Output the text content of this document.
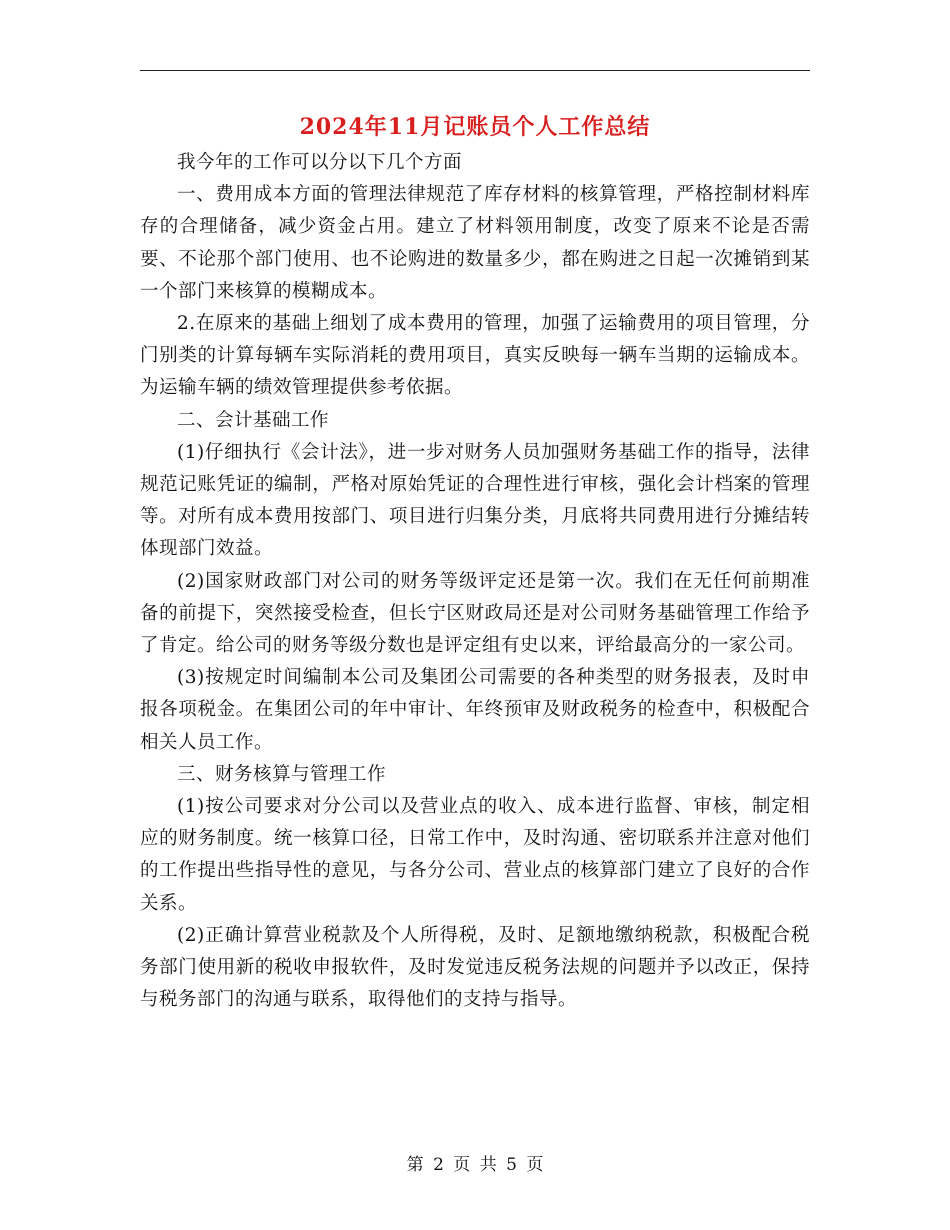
2024年11月记账员个人工作总结

我今年的工作可以分以下几个方面

一、费用成本方面的管理法律规范了库存材料的核算管理，严格控制材料库存的合理储备，减少资金占用。建立了材料领用制度，改变了原来不论是否需要、不论那个部门使用、也不论购进的数量多少，都在购进之日起一次摊销到某一个部门来核算的模糊成本。

2.在原来的基础上细划了成本费用的管理，加强了运输费用的项目管理，分门别类的计算每辆车实际消耗的费用项目，真实反映每一辆车当期的运输成本。为运输车辆的绩效管理提供参考依据。

二、会计基础工作

(1)仔细执行《会计法》，进一步对财务人员加强财务基础工作的指导，法律规范记账凭证的编制，严格对原始凭证的合理性进行审核，强化会计档案的管理等。对所有成本费用按部门、项目进行归集分类，月底将共同费用进行分摊结转体现部门效益。

(2)国家财政部门对公司的财务等级评定还是第一次。我们在无任何前期准备的前提下，突然接受检查，但长宁区财政局还是对公司财务基础管理工作给予了肯定。给公司的财务等级分数也是评定组有史以来，评给最高分的一家公司。

(3)按规定时间编制本公司及集团公司需要的各种类型的财务报表，及时申报各项税金。在集团公司的年中审计、年终预审及财政税务的检查中，积极配合相关人员工作。

三、财务核算与管理工作

(1)按公司要求对分公司以及营业点的收入、成本进行监督、审核，制定相应的财务制度。统一核算口径，日常工作中，及时沟通、密切联系并注意对他们的工作提出些指导性的意见，与各分公司、营业点的核算部门建立了良好的合作关系。

(2)正确计算营业税款及个人所得税，及时、足额地缴纳税款，积极配合税务部门使用新的税收申报软件，及时发觉违反税务法规的问题并予以改正，保持与税务部门的沟通与联系，取得他们的支持与指导。

第 2 页 共 5 页
